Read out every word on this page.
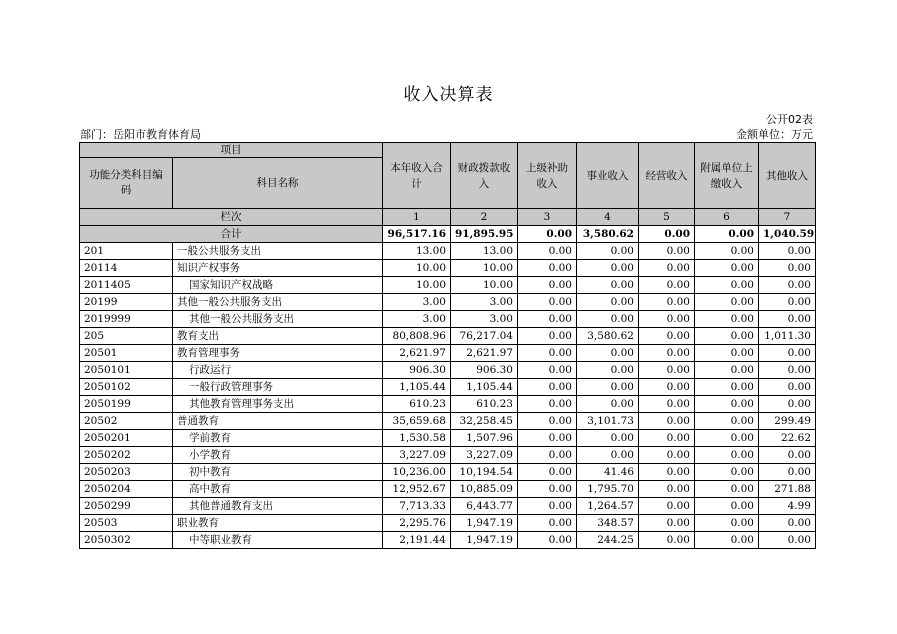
收入决算表
公开02表
部门：岳阳市教育体育局	金额单位：万元
项目		本年收入合计	财政拨款收入	上级补助收入	事业收入	经营收入	附属单位上缴收入	其他收入
功能分类科目编码	科目名称							
栏次		1	2	3	4	5	6	7
合计		96,517.16	91,895.95	0.00	3,580.62	0.00	0.00	1,040.59
201	一般公共服务支出	13.00	13.00	0.00	0.00	0.00	0.00	0.00
20114	知识产权事务	10.00	10.00	0.00	0.00	0.00	0.00	0.00
2011405	国家知识产权战略	10.00	10.00	0.00	0.00	0.00	0.00	0.00
20199	其他一般公共服务支出	3.00	3.00	0.00	0.00	0.00	0.00	0.00
2019999	其他一般公共服务支出	3.00	3.00	0.00	0.00	0.00	0.00	0.00
205	教育支出	80,808.96	76,217.04	0.00	3,580.62	0.00	0.00	1,011.30
20501	教育管理事务	2,621.97	2,621.97	0.00	0.00	0.00	0.00	0.00
2050101	行政运行	906.30	906.30	0.00	0.00	0.00	0.00	0.00
2050102	一般行政管理事务	1,105.44	1,105.44	0.00	0.00	0.00	0.00	0.00
2050199	其他教育管理事务支出	610.23	610.23	0.00	0.00	0.00	0.00	0.00
20502	普通教育	35,659.68	32,258.45	0.00	3,101.73	0.00	0.00	299.49
2050201	学前教育	1,530.58	1,507.96	0.00	0.00	0.00	0.00	22.62
2050202	小学教育	3,227.09	3,227.09	0.00	0.00	0.00	0.00	0.00
2050203	初中教育	10,236.00	10,194.54	0.00	41.46	0.00	0.00	0.00
2050204	高中教育	12,952.67	10,885.09	0.00	1,795.70	0.00	0.00	271.88
2050299	其他普通教育支出	7,713.33	6,443.77	0.00	1,264.57	0.00	0.00	4.99
20503	职业教育	2,295.76	1,947.19	0.00	348.57	0.00	0.00	0.00
2050302	中等职业教育	2,191.44	1,947.19	0.00	244.25	0.00	0.00	0.00
